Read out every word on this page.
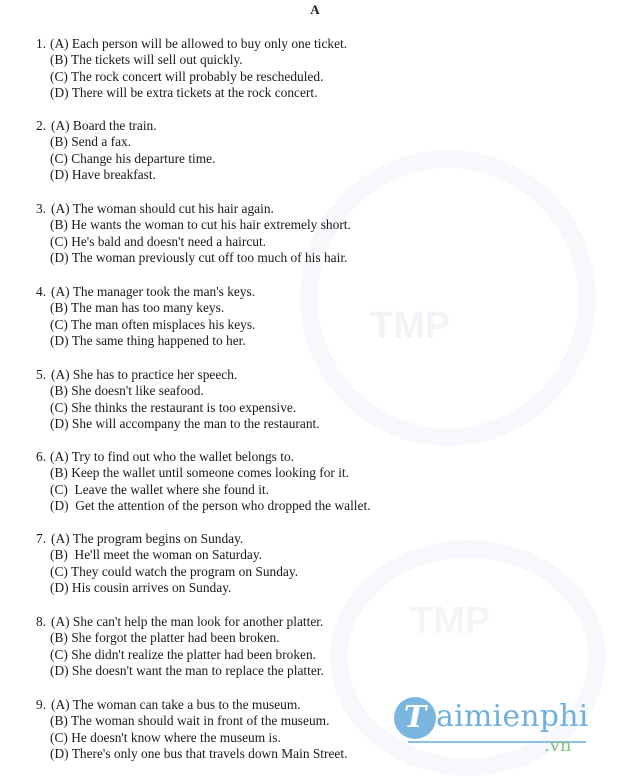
TMP
TMP
A
1. (A) Each person will be allowed to buy only one ticket.
(B) The tickets will sell out quickly.
(C) The rock concert will probably be rescheduled.
(D) There will be extra tickets at the rock concert.
2. (A) Board the train.
(B) Send a fax.
(C) Change his departure time.
(D) Have breakfast.
3. (A) The woman should cut his hair again.
(B) He wants the woman to cut his hair extremely short.
(C) He's bald and doesn't need a haircut.
(D) The woman previously cut off too much of his hair.
4. (A) The manager took the man's keys.
(B) The man has too many keys.
(C) The man often misplaces his keys.
(D) The same thing happened to her.
5. (A) She has to practice her speech.
(B) She doesn't like seafood.
(C) She thinks the restaurant is too expensive.
(D) She will accompany the man to the restaurant.
6. (A) Try to find out who the wallet belongs to.
(B) Keep the wallet until someone comes looking for it.
(C)  Leave the wallet where she found it.
(D)  Get the attention of the person who dropped the wallet.
7. (A) The program begins on Sunday.
(B)  He'll meet the woman on Saturday.
(C) They could watch the program on Sunday.
(D) His cousin arrives on Sunday.
8. (A) She can't help the man look for another platter.
(B) She forgot the platter had been broken.
(C) She didn't realize the platter had been broken.
(D) She doesn't want the man to replace the platter.
9. (A) The woman can take a bus to the museum.
(B) The woman should wait in front of the museum.
(C) He doesn't know where the museum is.
(D) There's only one bus that travels down Main Street.
T aimienphi
.vn
